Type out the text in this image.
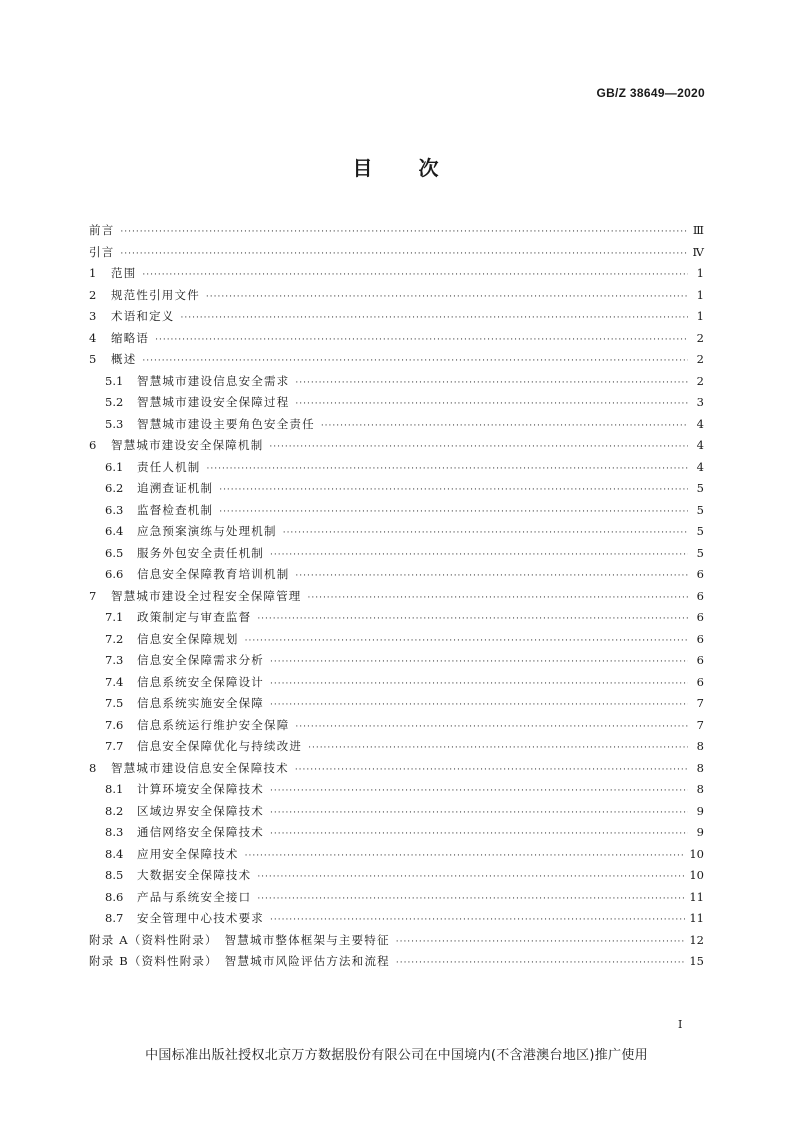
GB/Z 38649—2020
目 次
前言 ·····	Ⅲ
引言 ·····	Ⅳ
1	范围 ·····	1
2	规范性引用文件 ·····	1
3	术语和定义 ·····	1
4	缩略语 ·····	2
5	概述 ·····	2
5.1	智慧城市建设信息安全需求 ·····	2
5.2	智慧城市建设安全保障过程 ·····	3
5.3	智慧城市建设主要角色安全责任 ·····	4
6	智慧城市建设安全保障机制 ·····	4
6.1	责任人机制 ·····	4
6.2	追溯查证机制 ·····	5
6.3	监督检查机制 ·····	5
6.4	应急预案演练与处理机制 ·····	5
6.5	服务外包安全责任机制 ·····	5
6.6	信息安全保障教育培训机制 ·····	6
7	智慧城市建设全过程安全保障管理 ·····	6
7.1	政策制定与审查监督 ·····	6
7.2	信息安全保障规划 ·····	6
7.3	信息安全保障需求分析 ·····	6
7.4	信息系统安全保障设计 ·····	6
7.5	信息系统实施安全保障 ·····	7
7.6	信息系统运行维护安全保障 ·····	7
7.7	信息安全保障优化与持续改进 ·····	8
8	智慧城市建设信息安全保障技术 ·····	8
8.1	计算环境安全保障技术 ·····	8
8.2	区域边界安全保障技术 ·····	9
8.3	通信网络安全保障技术 ·····	9
8.4	应用安全保障技术 ·····	10
8.5	大数据安全保障技术 ·····	10
8.6	产品与系统安全接口 ·····	11
8.7	安全管理中心技术要求 ·····	11
附录 A（资料性附录）　智慧城市整体框架与主要特征 ·····	12
附录 B（资料性附录）　智慧城市风险评估方法和流程 ·····	15
I
中国标准出版社授权北京万方数据股份有限公司在中国境内(不含港澳台地区)推广使用
